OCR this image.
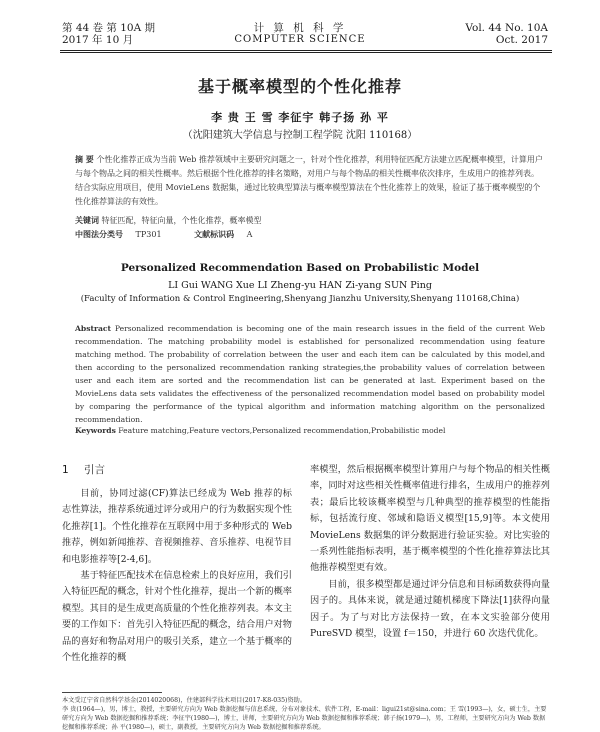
第 44 卷 第 10A 期
2017 年 10 月
计 算 机 科 学
COMPUTER SCIENCE
Vol. 44 No. 10A
Oct. 2017
基于概率模型的个性化推荐
李 贵 王 雪 李征宇 韩子扬 孙 平
（沈阳建筑大学信息与控制工程学院 沈阳 110168）
摘 要 个性化推荐正成为当前 Web 推荐领域中主要研究问题之一，针对个性化推荐，利用特征匹配方法建立匹配概率模型，计算用户与每个物品之间的相关性概率。然后根据个性化推荐的排名策略，对用户与每个物品的相关性概率依次排序，生成用户的推荐列表。结合实际应用项目，使用 MovieLens 数据集，通过比较典型算法与概率模型算法在个性化推荐上的效果，验证了基于概率模型的个性化推荐算法的有效性。
关键词 特征匹配，特征向量，个性化推荐，概率模型
中图法分类号 TP301	文献标识码 A
Personalized Recommendation Based on Probabilistic Model
LI Gui WANG Xue LI Zheng-yu HAN Zi-yang SUN Ping
(Faculty of Information & Control Engineering,Shenyang Jianzhu University,Shenyang 110168,China)
Abstract Personalized recommendation is becoming one of the main research issues in the field of the current Web recommendation. The matching probability model is established for personalized recommendation using feature matching method. The probability of correlation between the user and each item can be calculated by this model,and then according to the personalized recommendation ranking strategies,the probability values of correlation between user and each item are sorted and the recommendation list can be generated at last. Experiment based on the MovieLens data sets validates the effectiveness of the personalized recommendation model based on probability model by comparing the performance of the typical algorithm and information matching algorithm on the personalized recommendation.
Keywords Feature matching,Feature vectors,Personalized recommendation,Probabilistic model
1 引言
目前，协同过滤(CF)算法已经成为 Web 推荐的标志性算法，推荐系统通过评分或用户的行为数据实现个性化推荐[1]。个性化推荐在互联网中用于多种形式的 Web 推荐，例如新闻推荐、音视频推荐、音乐推荐、电视节目和电影推荐等[2-4,6]。
基于特征匹配技术在信息检索上的良好应用，我们引入特征匹配的概念，针对个性化推荐，提出一个新的概率模型。其目的是生成更高质量的个性化推荐列表。本文主要的工作如下：首先引入特征匹配的概念，结合用户对物品的喜好和物品对用户的吸引关系，建立一个基于概率的个性化推荐的概
率模型，然后根据概率模型计算用户与每个物品的相关性概率，同时对这些相关性概率值进行排名，生成用户的推荐列表；最后比较该概率模型与几种典型的推荐模型的性能指标，包括流行度、邻域和隐语义模型[15,9]等。本文使用 MovieLens 数据集的评分数据进行验证实验。对比实验的一系列性能指标表明，基于概率模型的个性化推荐算法比其他推荐模型更有效。
目前，很多模型都是通过评分信息和目标函数获得向量因子的。具体来说，就是通过随机梯度下降法[1]获得向量因子。为了与对比方法保持一致，在本文实验部分使用 PureSVD 模型，设置 f＝150，并进行 60 次迭代优化。
本文受辽宁省自然科学基金(2014020068)，住建部科学技术项目(2017-K8-035)资助。
李 贵(1964—)，男，博士，教授，主要研究方向为 Web 数据挖掘与信息系统、分布对象技术、软件工程，E-mail：ligui21st@sina.com；王 雪(1993—)，女，硕士生，主要研究方向为 Web 数据挖掘和推荐系统；李征宇(1980—)，博士，讲师，主要研究方向为 Web 数据挖掘和推荐系统；韩子扬(1979—)，男，工程师，主要研究方向为 Web 数据挖掘和推荐系统；孙 平(1980—)，硕士，副教授，主要研究方向为 Web 数据挖掘和推荐系统。
